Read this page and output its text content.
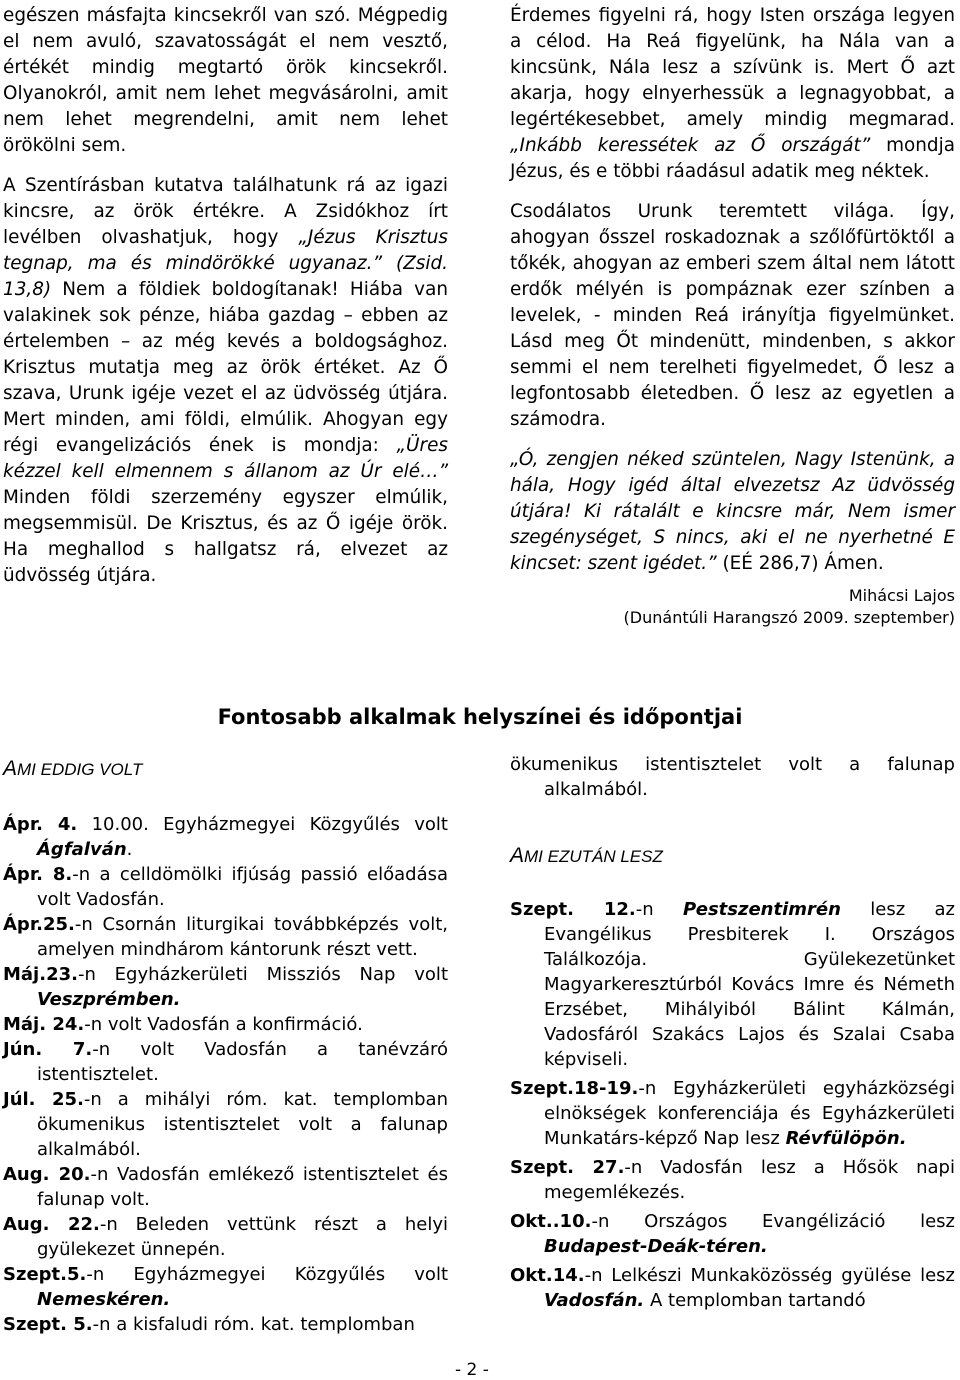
egészen másfajta kincsekről van szó. Mégpedig el nem avuló, szavatosságát el nem vesztő, értékét mindig megtartó örök kincsekről. Olyanokról, amit nem lehet megvásárolni, amit nem lehet megrendelni, amit nem lehet örökölni sem.

A Szentírásban kutatva találhatunk rá az igazi kincsre, az örök értékre. A Zsidókhoz írt levélben olvashatjuk, hogy „Jézus Krisztus tegnap, ma és mindörökké ugyanaz.” (Zsid. 13,8) Nem a földiek boldogítanak! Hiába van valakinek sok pénze, hiába gazdag – ebben az értelemben – az még kevés a boldogsághoz. Krisztus mutatja meg az örök értéket. Az Ő szava, Urunk igéje vezet el az üdvösség útjára. Mert minden, ami földi, elmúlik. Ahogyan egy régi evangelizációs ének is mondja: „Üres kézzel kell elmennem s állanom az Úr elé…” Minden földi szerzemény egyszer elmúlik, megsemmisül. De Krisztus, és az Ő igéje örök. Ha meghallod s hallgatsz rá, elvezet az üdvösség útjára.

Érdemes figyelni rá, hogy Isten országa legyen a célod. Ha Reá figyelünk, ha Nála van a kincsünk, Nála lesz a szívünk is. Mert Ő azt akarja, hogy elnyerhessük a legnagyobbat, a legértékesebbet, amely mindig megmarad. „Inkább keressétek az Ő országát” mondja Jézus, és e többi ráadásul adatik meg néktek.

Csodálatos Urunk teremtett világa. Így, ahogyan ősszel roskadoznak a szőlőfürtöktől a tőkék, ahogyan az emberi szem által nem látott erdők mélyén is pompáznak ezer színben a levelek, - minden Reá irányítja figyelmünket. Lásd meg Őt mindenütt, mindenben, s akkor semmi el nem terelheti figyelmedet, Ő lesz a legfontosabb életedben. Ő lesz az egyetlen a számodra.

„Ó, zengjen néked szüntelen, Nagy Istenünk, a hála, Hogy igéd által elvezetsz Az üdvösség útjára! Ki rátalált e kincsre már, Nem ismer szegénységet, S nincs, aki el ne nyerhetné E kincset: szent igédet.” (EÉ 286,7) Ámen.

Mihácsi Lajos
(Dunántúli Harangszó 2009. szeptember)
Fontosabb alkalmak helyszínei és időpontjai
AMI EDDIG VOLT

Ápr. 4. 10.00. Egyházmegyei Közgyűlés volt Ágfalván.

Ápr. 8.-n a celldömölki ifjúság passió előadása volt Vadosfán.

Ápr.25.-n Csornán liturgikai továbbképzés volt, amelyen mindhárom kántorunk részt vett.

Máj.23.-n Egyházkerületi Missziós Nap volt Veszprémben.

Máj. 24.-n volt Vadosfán a konfirmáció.

Jún. 7.-n volt Vadosfán a tanévzáró istentisztelet.

Júl. 25.-n a mihályi róm. kat. templomban ökumenikus istentisztelet volt a falunap alkalmából.

Aug. 20.-n Vadosfán emlékező istentisztelet és falunap volt.

Aug. 22.-n Beleden vettünk részt a helyi gyülekezet ünnepén.

Szept.5.-n Egyházmegyei Közgyűlés volt Nemeskéren.

Szept. 5.-n a kisfaludi róm. kat. templomban

ökumenikus istentisztelet volt a falunap alkalmából.

AMI EZUTÁN LESZ

Szept. 12.-n Pestszentimrén lesz az Evangélikus Presbiterek I. Országos Találkozója. Gyülekezetünket Magyarkeresztúrból Kovács Imre és Németh Erzsébet, Mihályiból Bálint Kálmán, Vadosfáról Szakács Lajos és Szalai Csaba képviseli.

Szept.18-19.-n Egyházkerületi egyházközségi elnökségek konferenciája és Egyházkerületi Munkatárs-képző Nap lesz Révfülöpön.

Szept. 27.-n Vadosfán lesz a Hősök napi megemlékezés.

Okt..10.-n Országos Evangélizáció lesz Budapest-Deák-téren.

Okt.14.-n Lelkészi Munkaközösség gyülése lesz Vadosfán. A templomban tartandó

- 2 -
